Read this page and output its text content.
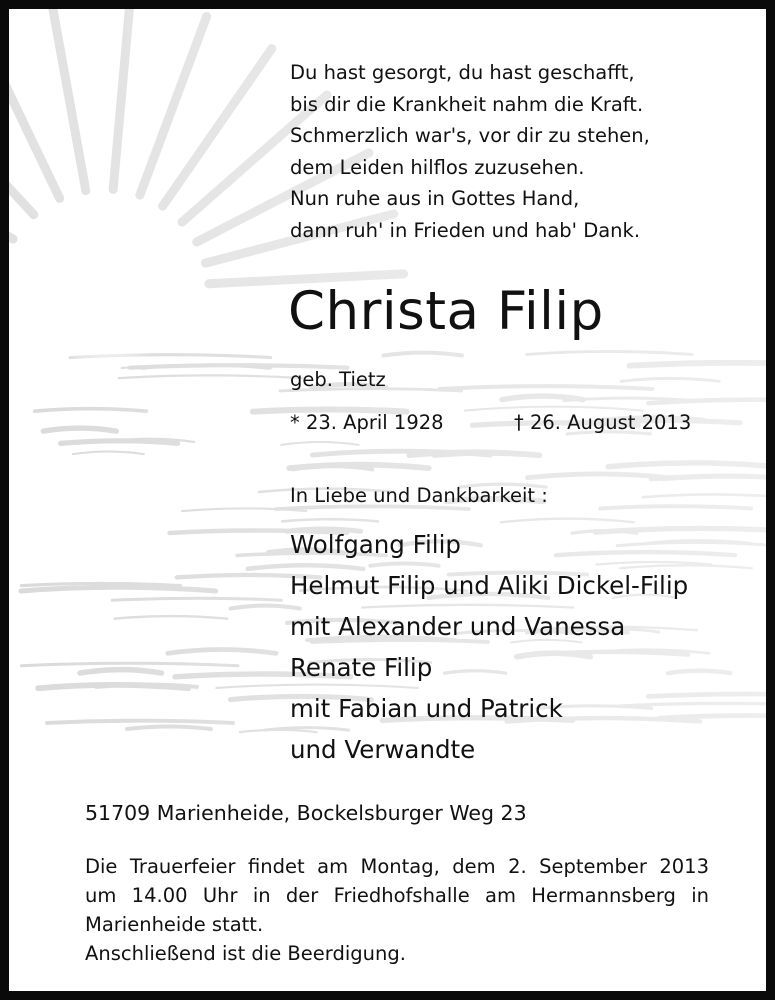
Du hast gesorgt, du hast geschafft,
bis dir die Krankheit nahm die Kraft.
Schmerzlich war's, vor dir zu stehen,
dem Leiden hilflos zuzusehen.
Nun ruhe aus in Gottes Hand,
dann ruh' in Frieden und hab' Dank.
Christa Filip
geb. Tietz
* 23. April 1928	† 26. August 2013
In Liebe und Dankbarkeit :
Wolfgang Filip
Helmut Filip und Aliki Dickel-Filip
mit Alexander und Vanessa
Renate Filip
mit Fabian und Patrick
und Verwandte
51709 Marienheide, Bockelsburger Weg 23
Die Trauerfeier findet am Montag, dem 2. September 2013
um 14.00 Uhr in der Friedhofshalle am Hermannsberg in
Marienheide statt.
Anschließend ist die Beerdigung.
